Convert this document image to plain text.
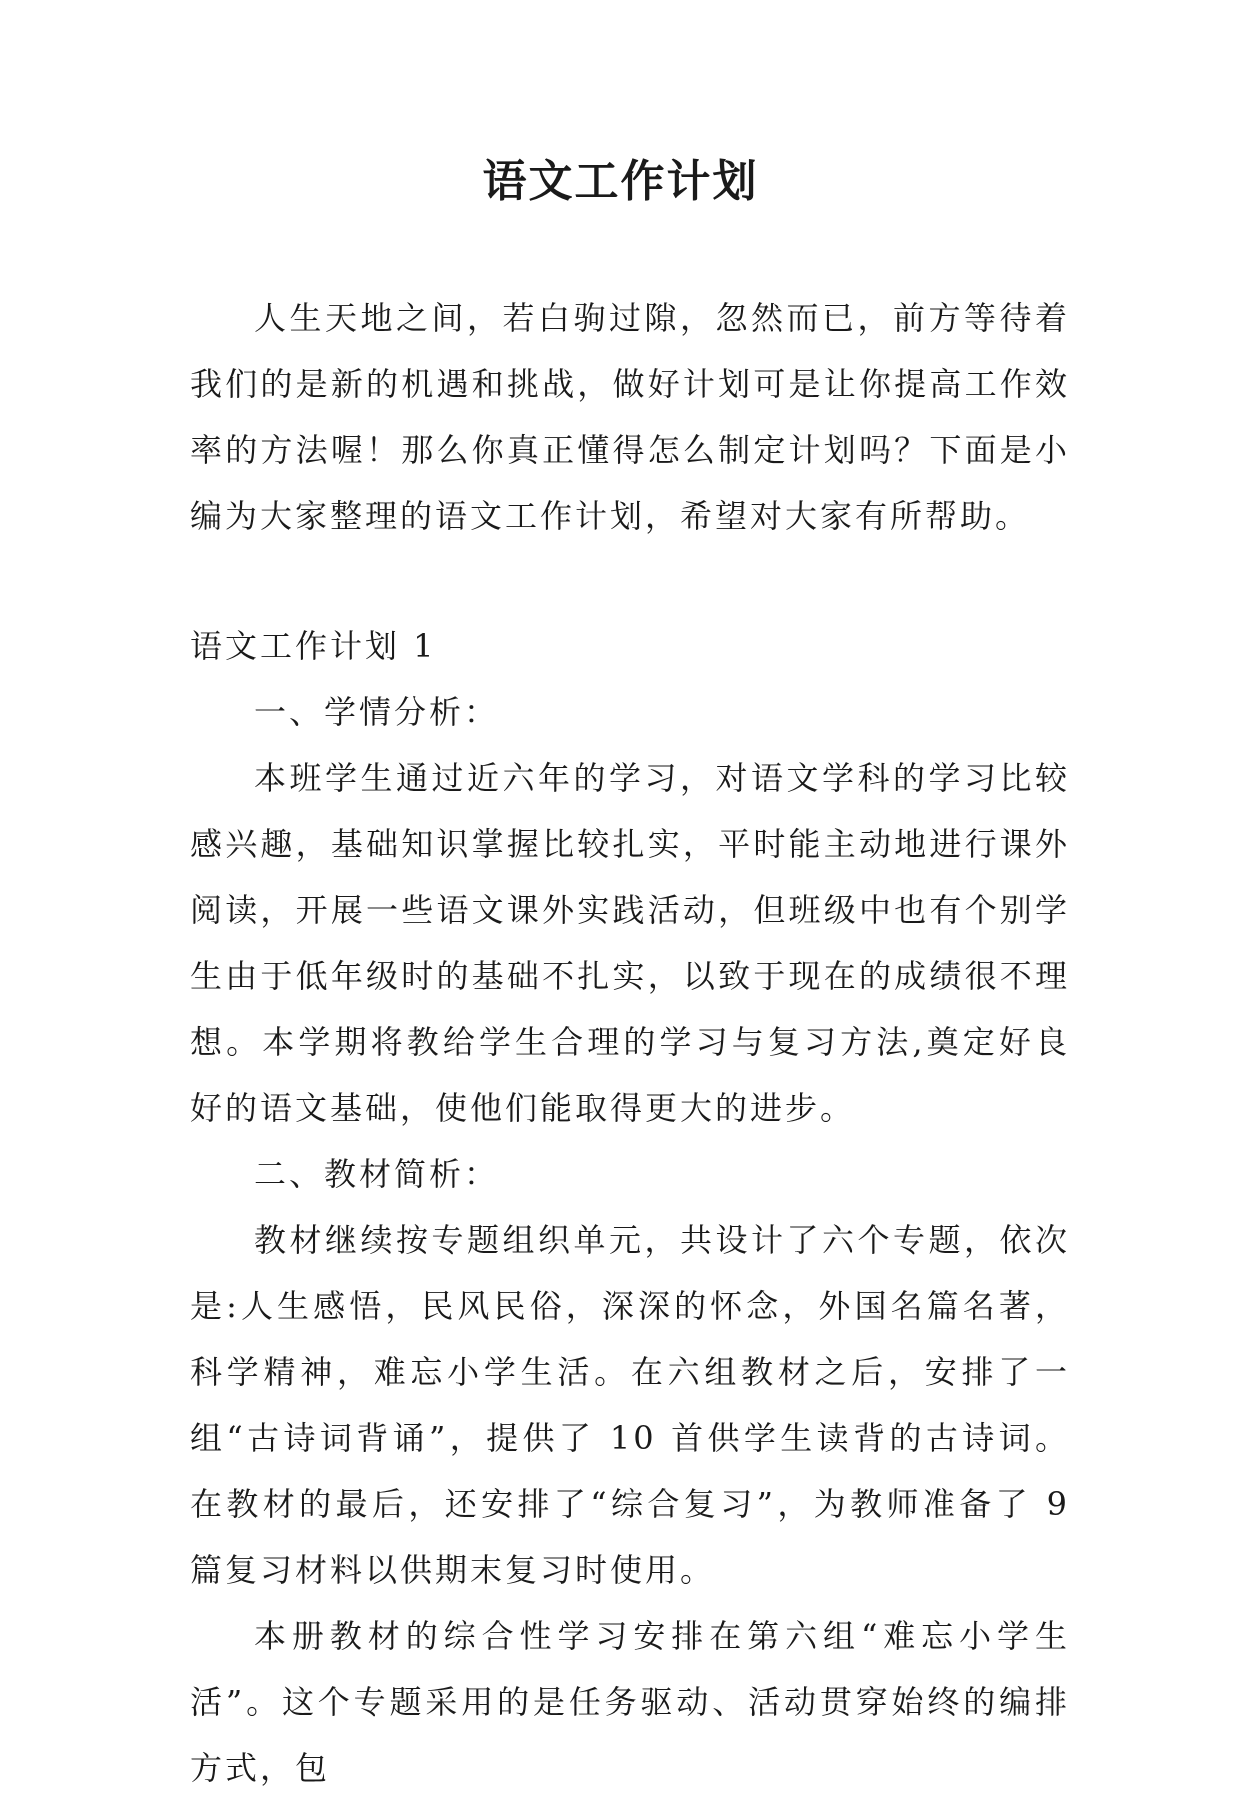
语文工作计划

人生天地之间，若白驹过隙，忽然而已，前方等待着我们的是新的机遇和挑战，做好计划可是让你提高工作效率的方法喔！那么你真正懂得怎么制定计划吗？下面是小编为大家整理的语文工作计划，希望对大家有所帮助。

语文工作计划 1

一、学情分析：

本班学生通过近六年的学习，对语文学科的学习比较感兴趣，基础知识掌握比较扎实，平时能主动地进行课外阅读，开展一些语文课外实践活动，但班级中也有个别学生由于低年级时的基础不扎实，以致于现在的成绩很不理想。本学期将教给学生合理的学习与复习方法,奠定好良好的语文基础，使他们能取得更大的进步。

二、教材简析：

教材继续按专题组织单元，共设计了六个专题，依次是:人生感悟，民风民俗，深深的怀念，外国名篇名著，科学精神，难忘小学生活。在六组教材之后，安排了一组“古诗词背诵”，提供了 10 首供学生读背的古诗词。在教材的最后，还安排了“综合复习”，为教师准备了 9 篇复习材料以供期末复习时使用。

本册教材的综合性学习安排在第六组“难忘小学生活”。这个专题采用的是任务驱动、活动贯穿始终的编排方式，包
